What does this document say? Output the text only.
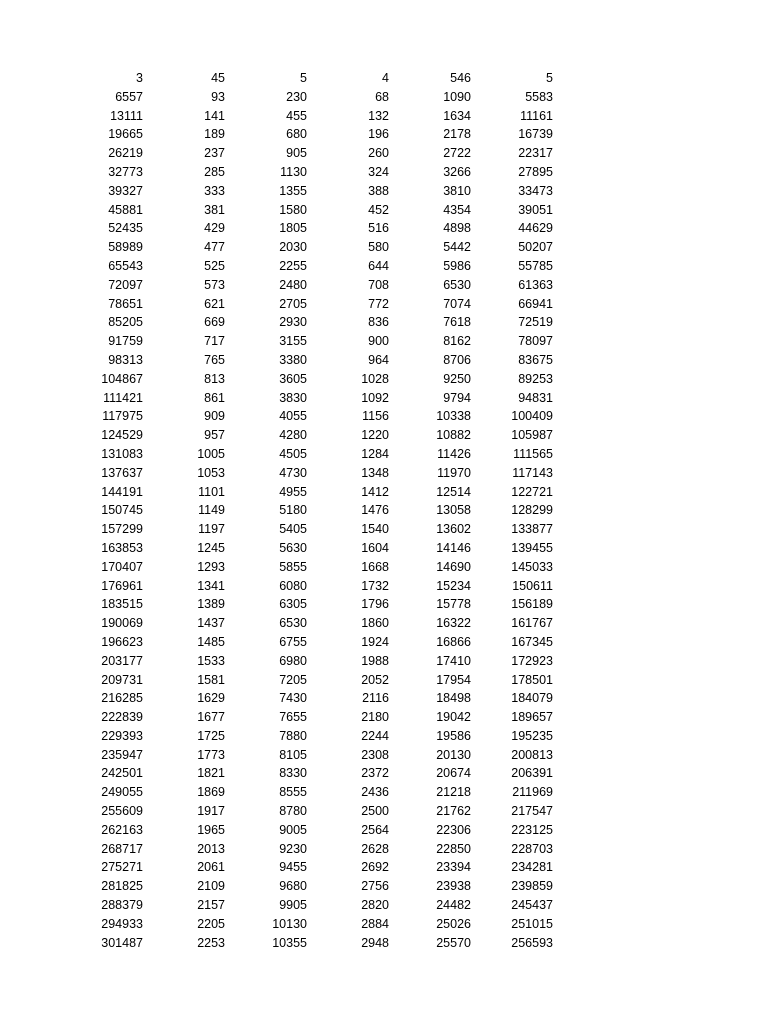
3	45	5	4	546	5
6557	93	230	68	1090	5583
13111	141	455	132	1634	11161
19665	189	680	196	2178	16739
26219	237	905	260	2722	22317
32773	285	1130	324	3266	27895
39327	333	1355	388	3810	33473
45881	381	1580	452	4354	39051
52435	429	1805	516	4898	44629
58989	477	2030	580	5442	50207
65543	525	2255	644	5986	55785
72097	573	2480	708	6530	61363
78651	621	2705	772	7074	66941
85205	669	2930	836	7618	72519
91759	717	3155	900	8162	78097
98313	765	3380	964	8706	83675
104867	813	3605	1028	9250	89253
111421	861	3830	1092	9794	94831
117975	909	4055	1156	10338	100409
124529	957	4280	1220	10882	105987
131083	1005	4505	1284	11426	111565
137637	1053	4730	1348	11970	117143
144191	1101	4955	1412	12514	122721
150745	1149	5180	1476	13058	128299
157299	1197	5405	1540	13602	133877
163853	1245	5630	1604	14146	139455
170407	1293	5855	1668	14690	145033
176961	1341	6080	1732	15234	150611
183515	1389	6305	1796	15778	156189
190069	1437	6530	1860	16322	161767
196623	1485	6755	1924	16866	167345
203177	1533	6980	1988	17410	172923
209731	1581	7205	2052	17954	178501
216285	1629	7430	2116	18498	184079
222839	1677	7655	2180	19042	189657
229393	1725	7880	2244	19586	195235
235947	1773	8105	2308	20130	200813
242501	1821	8330	2372	20674	206391
249055	1869	8555	2436	21218	211969
255609	1917	8780	2500	21762	217547
262163	1965	9005	2564	22306	223125
268717	2013	9230	2628	22850	228703
275271	2061	9455	2692	23394	234281
281825	2109	9680	2756	23938	239859
288379	2157	9905	2820	24482	245437
294933	2205	10130	2884	25026	251015
301487	2253	10355	2948	25570	256593
